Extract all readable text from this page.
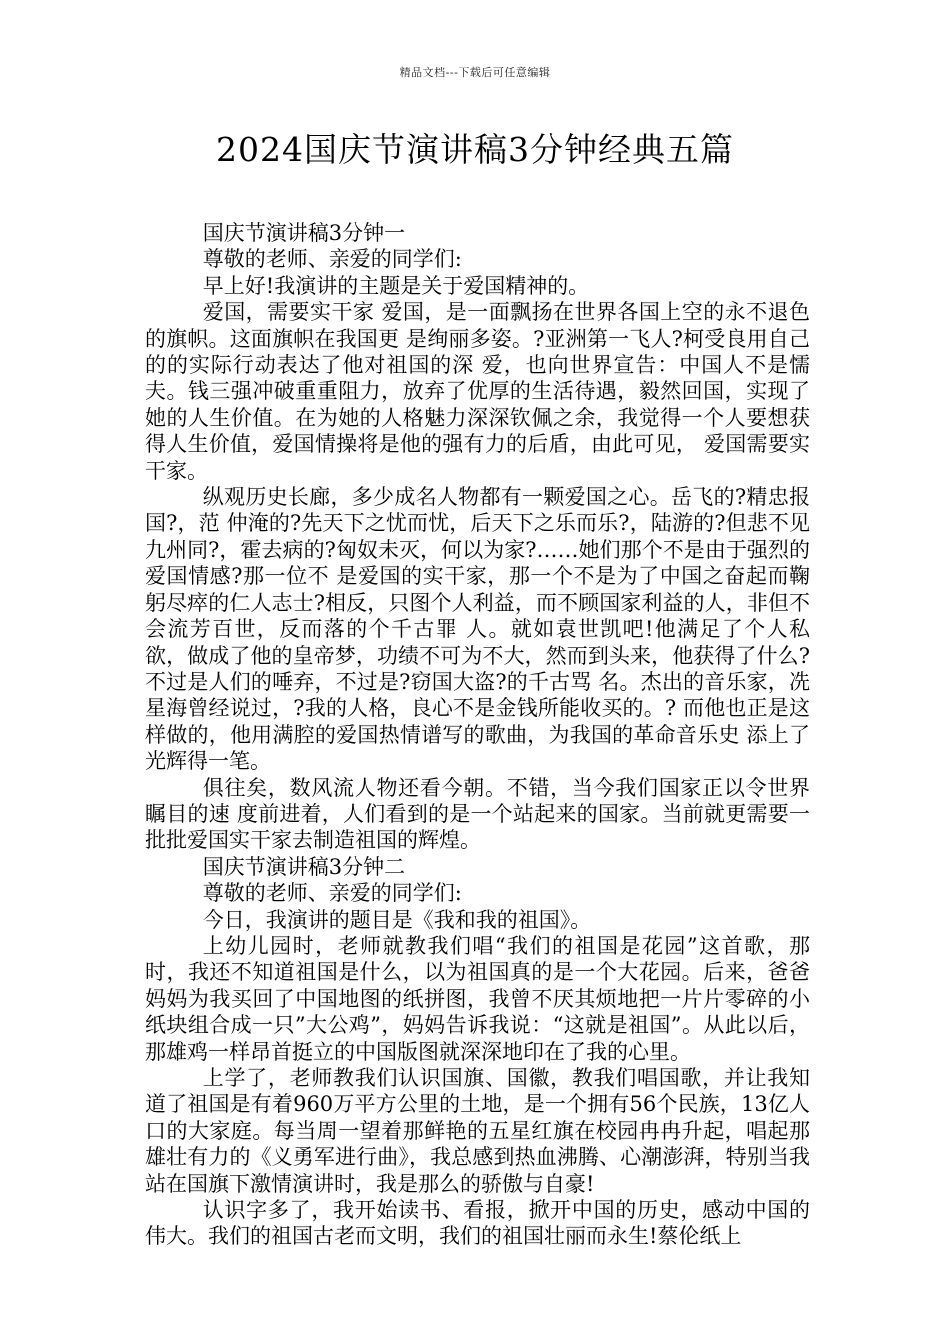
精品文档---下载后可任意编辑
2024国庆节演讲稿3分钟经典五篇

国庆节演讲稿3分钟一

尊敬的老师、亲爱的同学们:

早上好!我演讲的主题是关于爱国精神的。

爱国，需要实干家 爱国，是一面飘扬在世界各国上空的永不退色的旗帜。这面旗帜在我国更 是绚丽多姿。?亚洲第一飞人?柯受良用自己的的实际行动表达了他对祖国的深 爱，也向世界宣告：中国人不是懦夫。钱三强冲破重重阻力，放弃了优厚的生活待遇，毅然回国，实现了她的人生价值。在为她的人格魅力深深钦佩之余，我觉得一个人要想获得人生价值，爱国情操将是他的强有力的后盾，由此可见， 爱国需要实干家。

纵观历史长廊，多少成名人物都有一颗爱国之心。岳飞的?精忠报国?，范 仲淹的?先天下之忧而忧，后天下之乐而乐?，陆游的?但悲不见九州同?，霍去病的?匈奴未灭，何以为家?……她们那个不是由于强烈的爱国情感?那一位不 是爱国的实干家，那一个不是为了中国之奋起而鞠躬尽瘁的仁人志士?相反，只图个人利益，而不顾国家利益的人，非但不会流芳百世，反而落的个千古罪 人。就如袁世凯吧!他满足了个人私欲，做成了他的皇帝梦，功绩不可为不大，然而到头来，他获得了什么?不过是人们的唾弃，不过是?窃国大盗?的千古骂 名。杰出的音乐家，冼星海曾经说过，?我的人格，良心不是金钱所能收买的。? 而他也正是这样做的，他用满腔的爱国热情谱写的歌曲，为我国的革命音乐史 添上了光辉得一笔。

俱往矣，数风流人物还看今朝。不错，当今我们国家正以令世界瞩目的速 度前进着，人们看到的是一个站起来的国家。当前就更需要一批批爱国实干家去制造祖国的辉煌。

国庆节演讲稿3分钟二

尊敬的老师、亲爱的同学们:

今日，我演讲的题目是《我和我的祖国》。

上幼儿园时，老师就教我们唱“我们的祖国是花园”这首歌，那时，我还不知道祖国是什么，以为祖国真的是一个大花园。后来，爸爸妈妈为我买回了中国地图的纸拼图，我曾不厌其烦地把一片片零碎的小纸块组合成一只”大公鸡”，妈妈告诉我说：“这就是祖国”。从此以后，那雄鸡一样昂首挺立的中国版图就深深地印在了我的心里。

上学了，老师教我们认识国旗、国徽，教我们唱国歌，并让我知道了祖国是有着960万平方公里的土地，是一个拥有56个民族，13亿人口的大家庭。每当周一望着那鲜艳的五星红旗在校园冉冉升起，唱起那雄壮有力的《义勇军进行曲》，我总感到热血沸腾、心潮澎湃，特别当我站在国旗下激情演讲时，我是那么的骄傲与自豪!

认识字多了，我开始读书、看报，掀开中国的历史，感动中国的伟大。我们的祖国古老而文明，我们的祖国壮丽而永生!蔡伦纸上
